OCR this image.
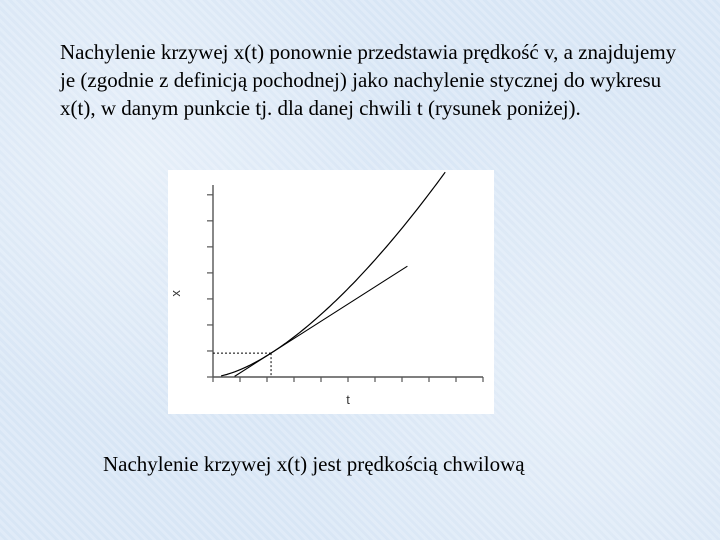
Nachylenie krzywej x(t) ponownie przedstawia prędkość v, a znajdujemy je (zgodnie z definicją pochodnej) jako nachylenie stycznej do wykresu x(t), w danym punkcie tj. dla danej chwili t (rysunek poniżej).

x
t

Nachylenie krzywej x(t) jest prędkością chwilową
